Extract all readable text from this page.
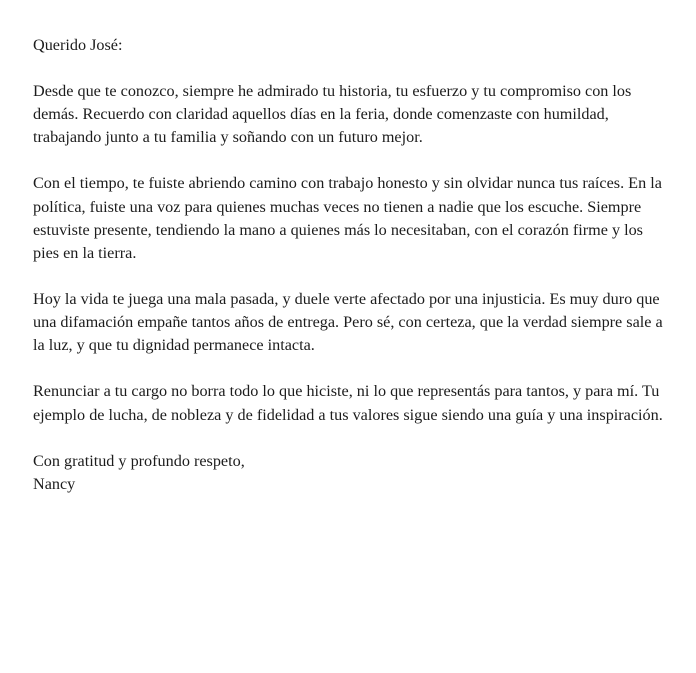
Querido José:

Desde que te conozco, siempre he admirado tu historia, tu esfuerzo y tu compromiso con los demás. Recuerdo con claridad aquellos días en la feria, donde comenzaste con humildad, trabajando junto a tu familia y soñando con un futuro mejor.

Con el tiempo, te fuiste abriendo camino con trabajo honesto y sin olvidar nunca tus raíces. En la política, fuiste una voz para quienes muchas veces no tienen a nadie que los escuche. Siempre estuviste presente, tendiendo la mano a quienes más lo necesitaban, con el corazón firme y los pies en la tierra.

Hoy la vida te juega una mala pasada, y duele verte afectado por una injusticia. Es muy duro que una difamación empañe tantos años de entrega. Pero sé, con certeza, que la verdad siempre sale a la luz, y que tu dignidad permanece intacta.

Renunciar a tu cargo no borra todo lo que hiciste, ni lo que representás para tantos, y para mí. Tu ejemplo de lucha, de nobleza y de fidelidad a tus valores sigue siendo una guía y una inspiración.

Con gratitud y profundo respeto,

Nancy
